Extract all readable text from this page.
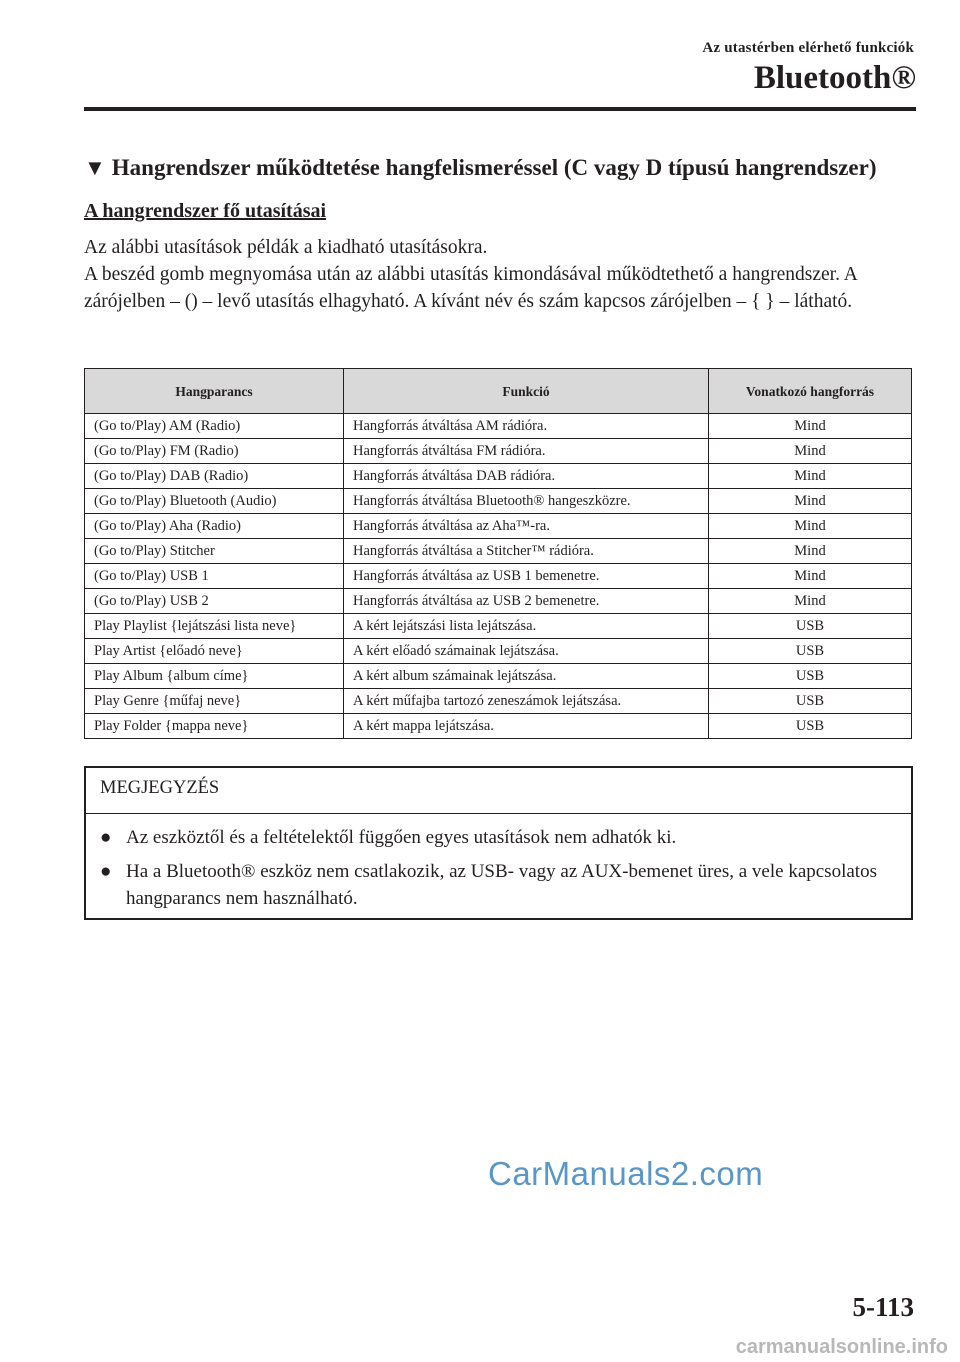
Az utastérben elérhető funkciók
Bluetooth®
▼ Hangrendszer működtetése hangfelismeréssel (C vagy D típusú hangrendszer)
A hangrendszer fő utasításai

Az alábbi utasítások példák a kiadható utasításokra.

A beszéd gomb megnyomása után az alábbi utasítás kimondásával működtethető a hangrendszer. A zárójelben – () – levő utasítás elhagyható. A kívánt név és szám kapcsos zárójelben – { } – látható.

Hangparancs	Funkció	Vonatkozó hangforrás
(Go to/Play) AM (Radio)	Hangforrás átváltása AM rádióra.	Mind
(Go to/Play) FM (Radio)	Hangforrás átváltása FM rádióra.	Mind
(Go to/Play) DAB (Radio)	Hangforrás átváltása DAB rádióra.	Mind
(Go to/Play) Bluetooth (Audio)	Hangforrás átváltása Bluetooth® hangeszközre.	Mind
(Go to/Play) Aha (Radio)	Hangforrás átváltása az Aha™-ra.	Mind
(Go to/Play) Stitcher	Hangforrás átváltása a Stitcher™ rádióra.	Mind
(Go to/Play) USB 1	Hangforrás átváltása az USB 1 bemenetre.	Mind
(Go to/Play) USB 2	Hangforrás átváltása az USB 2 bemenetre.	Mind
Play Playlist {lejátszási lista neve}	A kért lejátszási lista lejátszása.	USB
Play Artist {előadó neve}	A kért előadó számainak lejátszása.	USB
Play Album {album címe}	A kért album számainak lejátszása.	USB
Play Genre {műfaj neve}	A kért műfajba tartozó zeneszámok lejátszása.	USB
Play Folder {mappa neve}	A kért mappa lejátszása.	USB
MEGJEGYZÉS
● Az eszköztől és a feltételektől függően egyes utasítások nem adhatók ki.
● Ha a Bluetooth® eszköz nem csatlakozik, az USB- vagy az AUX-bemenet üres, a vele kapcsolatos hangparancs nem használható.
CarManuals2.com
5-113
carmanualsonline.info
